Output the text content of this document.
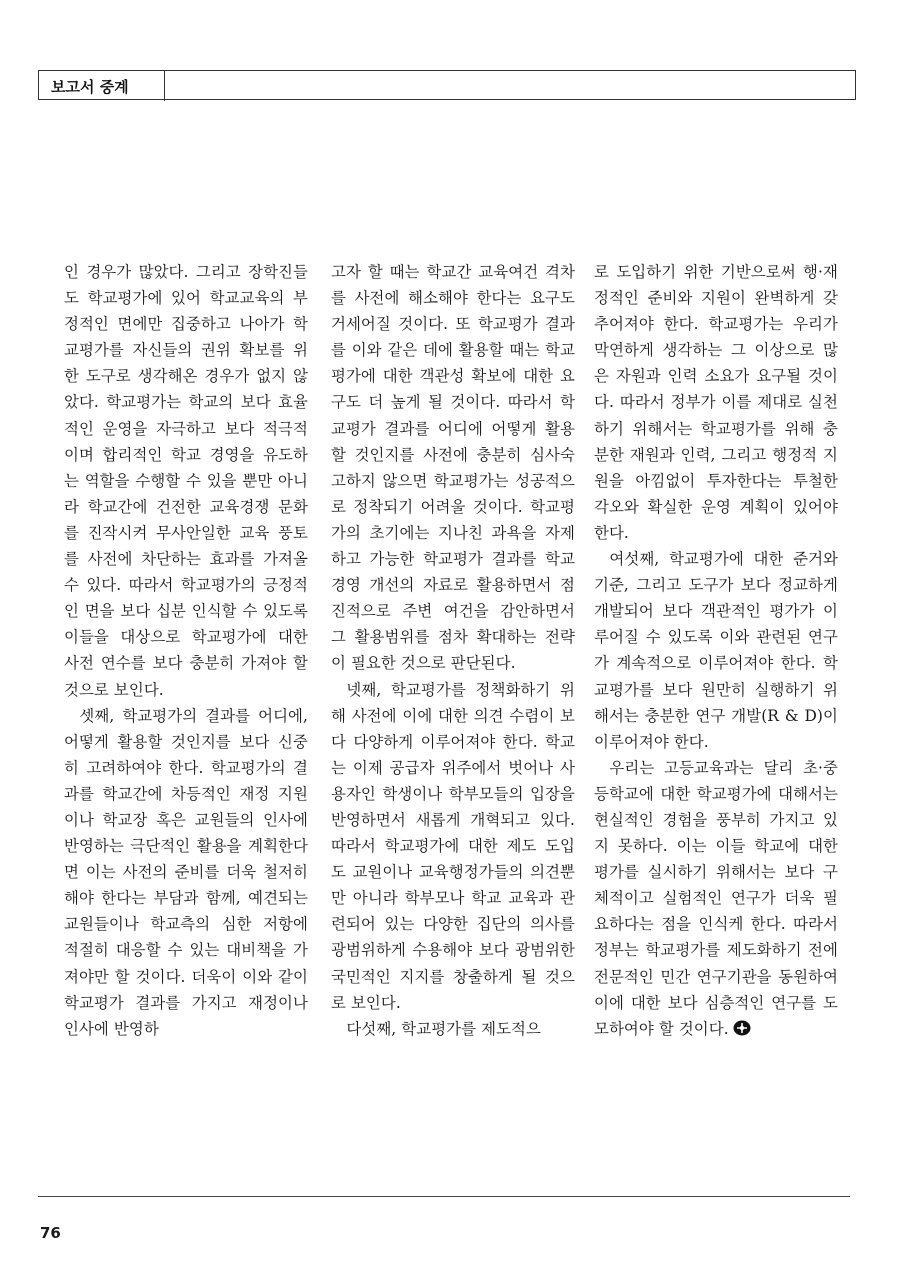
보고서 중계

인 경우가 많았다. 그리고 장학진들도 학교평가에 있어 학교교육의 부정적인 면에만 집중하고 나아가 학교평가를 자신들의 권위 확보를 위한 도구로 생각해온 경우가 없지 않았다. 학교평가는 학교의 보다 효율적인 운영을 자극하고 보다 적극적이며 합리적인 학교 경영을 유도하는 역할을 수행할 수 있을 뿐만 아니라 학교간에 건전한 교육경쟁 문화를 진작시켜 무사안일한 교육 풍토를 사전에 차단하는 효과를 가져올 수 있다. 따라서 학교평가의 긍정적인 면을 보다 십분 인식할 수 있도록 이들을 대상으로 학교평가에 대한 사전 연수를 보다 충분히 가져야 할 것으로 보인다.

셋째, 학교평가의 결과를 어디에, 어떻게 활용할 것인지를 보다 신중히 고려하여야 한다. 학교평가의 결과를 학교간에 차등적인 재정 지원이나 학교장 혹은 교원들의 인사에 반영하는 극단적인 활용을 계획한다면 이는 사전의 준비를 더욱 철저히 해야 한다는 부담과 함께, 예견되는 교원들이나 학교측의 심한 저항에 적절히 대응할 수 있는 대비책을 가져야만 할 것이다. 더욱이 이와 같이 학교평가 결과를 가지고 재정이나 인사에 반영하

고자 할 때는 학교간 교육여건 격차를 사전에 해소해야 한다는 요구도 거세어질 것이다. 또 학교평가 결과를 이와 같은 데에 활용할 때는 학교평가에 대한 객관성 확보에 대한 요구도 더 높게 될 것이다. 따라서 학교평가 결과를 어디에 어떻게 활용할 것인지를 사전에 충분히 심사숙고하지 않으면 학교평가는 성공적으로 정착되기 어려울 것이다. 학교평가의 초기에는 지나친 과욕을 자제하고 가능한 학교평가 결과를 학교 경영 개선의 자료로 활용하면서 점진적으로 주변 여건을 감안하면서 그 활용범위를 점차 확대하는 전략이 필요한 것으로 판단된다.

넷째, 학교평가를 정책화하기 위해 사전에 이에 대한 의견 수렴이 보다 다양하게 이루어져야 한다. 학교는 이제 공급자 위주에서 벗어나 사용자인 학생이나 학부모들의 입장을 반영하면서 새롭게 개혁되고 있다. 따라서 학교평가에 대한 제도 도입도 교원이나 교육행정가들의 의견뿐만 아니라 학부모나 학교 교육과 관련되어 있는 다양한 집단의 의사를 광범위하게 수용해야 보다 광범위한 국민적인 지지를 창출하게 될 것으로 보인다.

다섯째, 학교평가를 제도적으

로 도입하기 위한 기반으로써 행·재정적인 준비와 지원이 완벽하게 갖추어져야 한다. 학교평가는 우리가 막연하게 생각하는 그 이상으로 많은 자원과 인력 소요가 요구될 것이다. 따라서 정부가 이를 제대로 실천하기 위해서는 학교평가를 위해 충분한 재원과 인력, 그리고 행정적 지원을 아낌없이 투자한다는 투철한 각오와 확실한 운영 계획이 있어야 한다.

여섯째, 학교평가에 대한 준거와 기준, 그리고 도구가 보다 정교하게 개발되어 보다 객관적인 평가가 이루어질 수 있도록 이와 관련된 연구가 계속적으로 이루어져야 한다. 학교평가를 보다 원만히 실행하기 위해서는 충분한 연구 개발(R & D)이 이루어져야 한다.

우리는 고등교육과는 달리 초·중등학교에 대한 학교평가에 대해서는 현실적인 경험을 풍부히 가지고 있지 못하다. 이는 이들 학교에 대한 평가를 실시하기 위해서는 보다 구체적이고 실험적인 연구가 더욱 필요하다는 점을 인식케 한다. 따라서 정부는 학교평가를 제도화하기 전에 전문적인 민간 연구기관을 동원하여 이에 대한 보다 심층적인 연구를 도모하여야 할 것이다.

76
